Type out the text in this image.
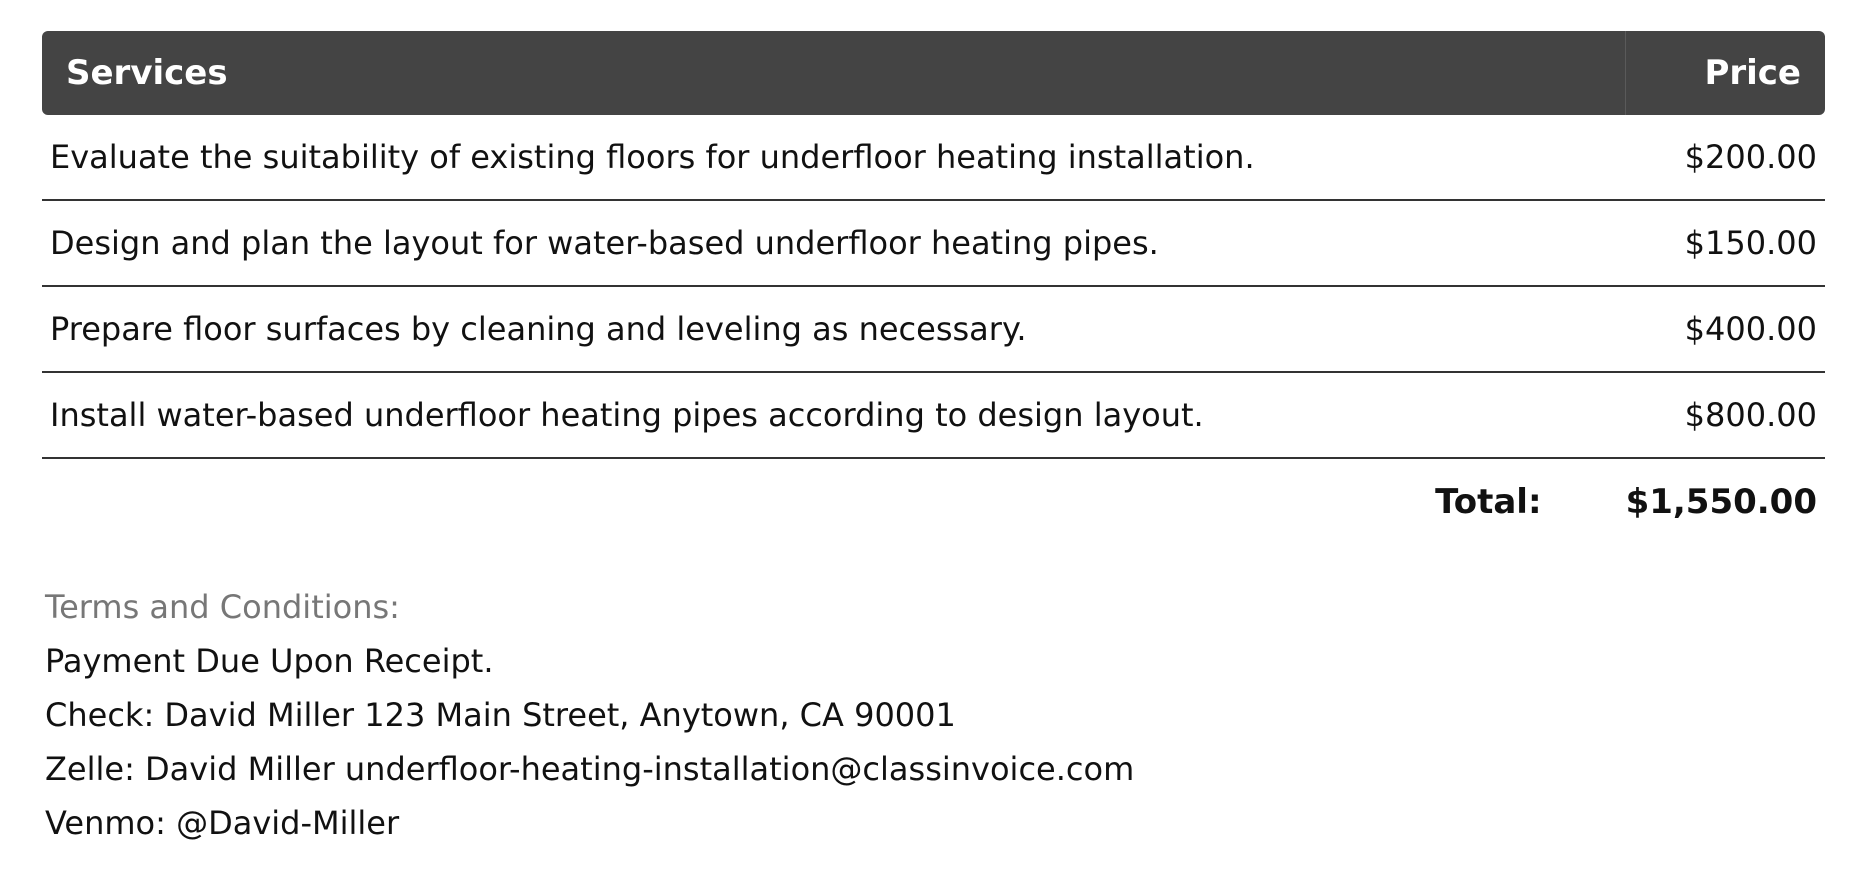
Services	Price
Evaluate the suitability of existing floors for underfloor heating installation.	$200.00
Design and plan the layout for water-based underfloor heating pipes.	$150.00
Prepare floor surfaces by cleaning and leveling as necessary.	$400.00
Install water-based underfloor heating pipes according to design layout.	$800.00
Total: $1,550.00
Terms and Conditions:
Payment Due Upon Receipt.
Check: David Miller 123 Main Street, Anytown, CA 90001
Zelle: David Miller underfloor-heating-installation@classinvoice.com
Venmo: @David-Miller
